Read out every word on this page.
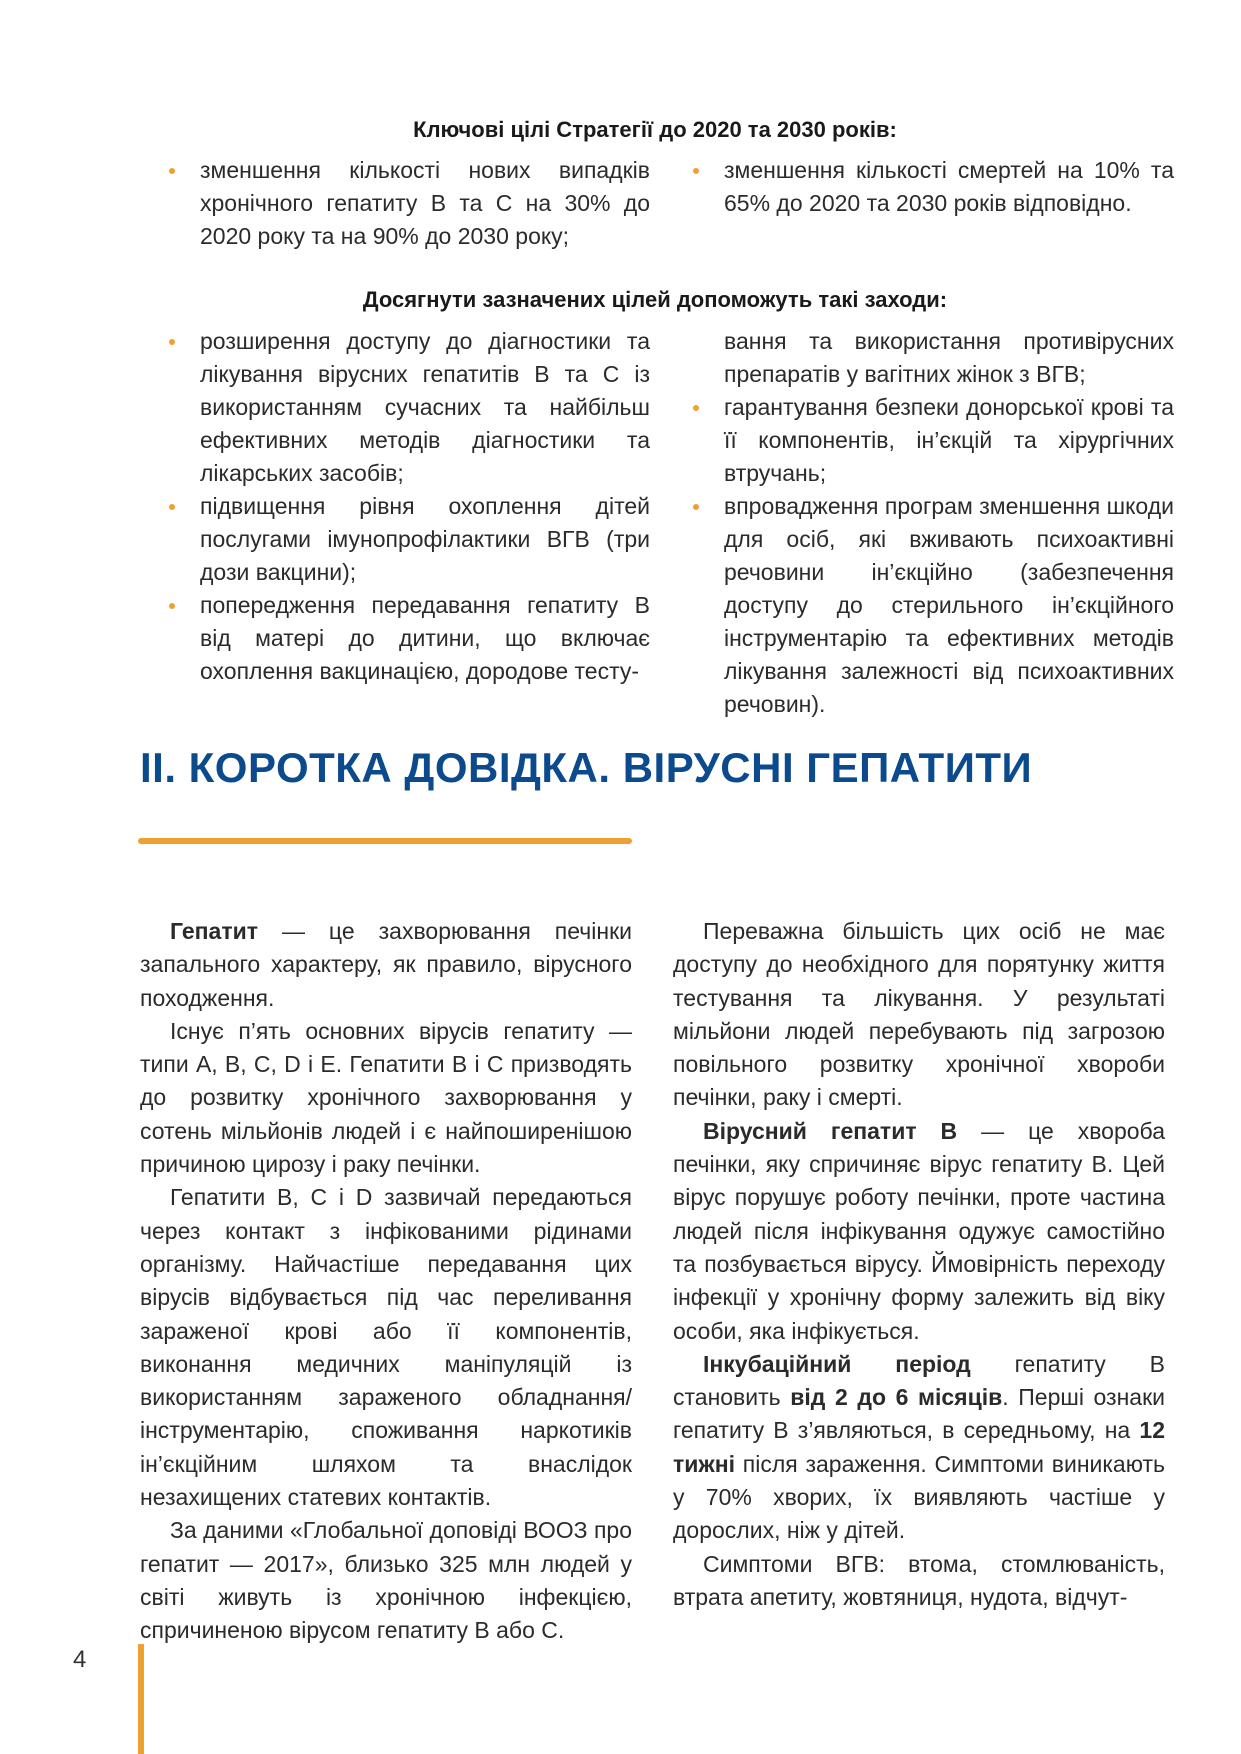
Ключові цілі Стратегії до 2020 та 2030 років:
зменшення кількості нових випадків хронічного гепатиту В та С на 30% до 2020 року та на 90% до 2030 року;
зменшення кількості смертей на 10% та 65% до 2020 та 2030 років відповідно.
Досягнути зазначених цілей допоможуть такі заходи:
розширення доступу до діагностики та лікування вірусних гепатитів В та С із використанням сучасних та найбільш ефективних методів діагностики та лікарських засобів;
підвищення рівня охоплення дітей послугами імунопрофілактики ВГВ (три дози вакцини);
попередження передавання гепатиту В від матері до дитини, що включає охоплення вакцинацією, дородове тесту-

вання та використання противірусних препаратів у вагітних жінок з ВГВ;

гарантування безпеки донорської крові та її компонентів, ін’єкцій та хірургічних втручань;
впровадження програм зменшення шкоди для осіб, які вживають психоактивні речовини ін’єкційно (забезпечення доступу до стерильного ін’єкційного інструментарію та ефективних методів лікування залежності від психоактивних речовин).
ІІ. КОРОТКА ДОВІДКА. ВІРУСНІ ГЕПАТИТИ

Гепатит — це захворювання печінки запального характеру, як правило, вірусного походження.

Існує п’ять основних вірусів гепатиту — типи А, В, С, D і Е. Гепатити В і С призводять до розвитку хронічного захворювання у сотень мільйонів людей і є найпоширенішою причиною цирозу і раку печінки.

Гепатити В, С і D зазвичай передаються через контакт з інфікованими рідинами організму. Найчастіше передавання цих вірусів відбувається під час переливання зараженої крові або її компонентів, виконання медичних маніпуляцій із використанням зараженого обладнання/інструментарію, споживання наркотиків ін’єкційним шляхом та внаслідок незахищених статевих контактів.

За даними «Глобальної доповіді ВООЗ про гепатит — 2017», близько 325 млн людей у світі живуть із хронічною інфекцією, спричиненою вірусом гепатиту В або С.

Переважна більшість цих осіб не має доступу до необхідного для порятунку життя тестування та лікування. У результаті мільйони людей перебувають під загрозою повільного розвитку хронічної хвороби печінки, раку і смерті.

Вірусний гепатит В — це хвороба печінки, яку спричиняє вірус гепатиту В. Цей вірус порушує роботу печінки, проте частина людей після інфікування одужує самостійно та позбувається вірусу. Ймовірність переходу інфекції у хронічну форму залежить від віку особи, яка інфікується.

Інкубаційний період гепатиту В становить від 2 до 6 місяців. Перші ознаки гепатиту В з’являються, в середньому, на 12 тижні після зараження. Симптоми виникають у 70% хворих, їх виявляють частіше у дорослих, ніж у дітей.

Симптоми ВГВ: втома, стомлюваність, втрата апетиту, жовтяниця, нудота, відчут-

4
